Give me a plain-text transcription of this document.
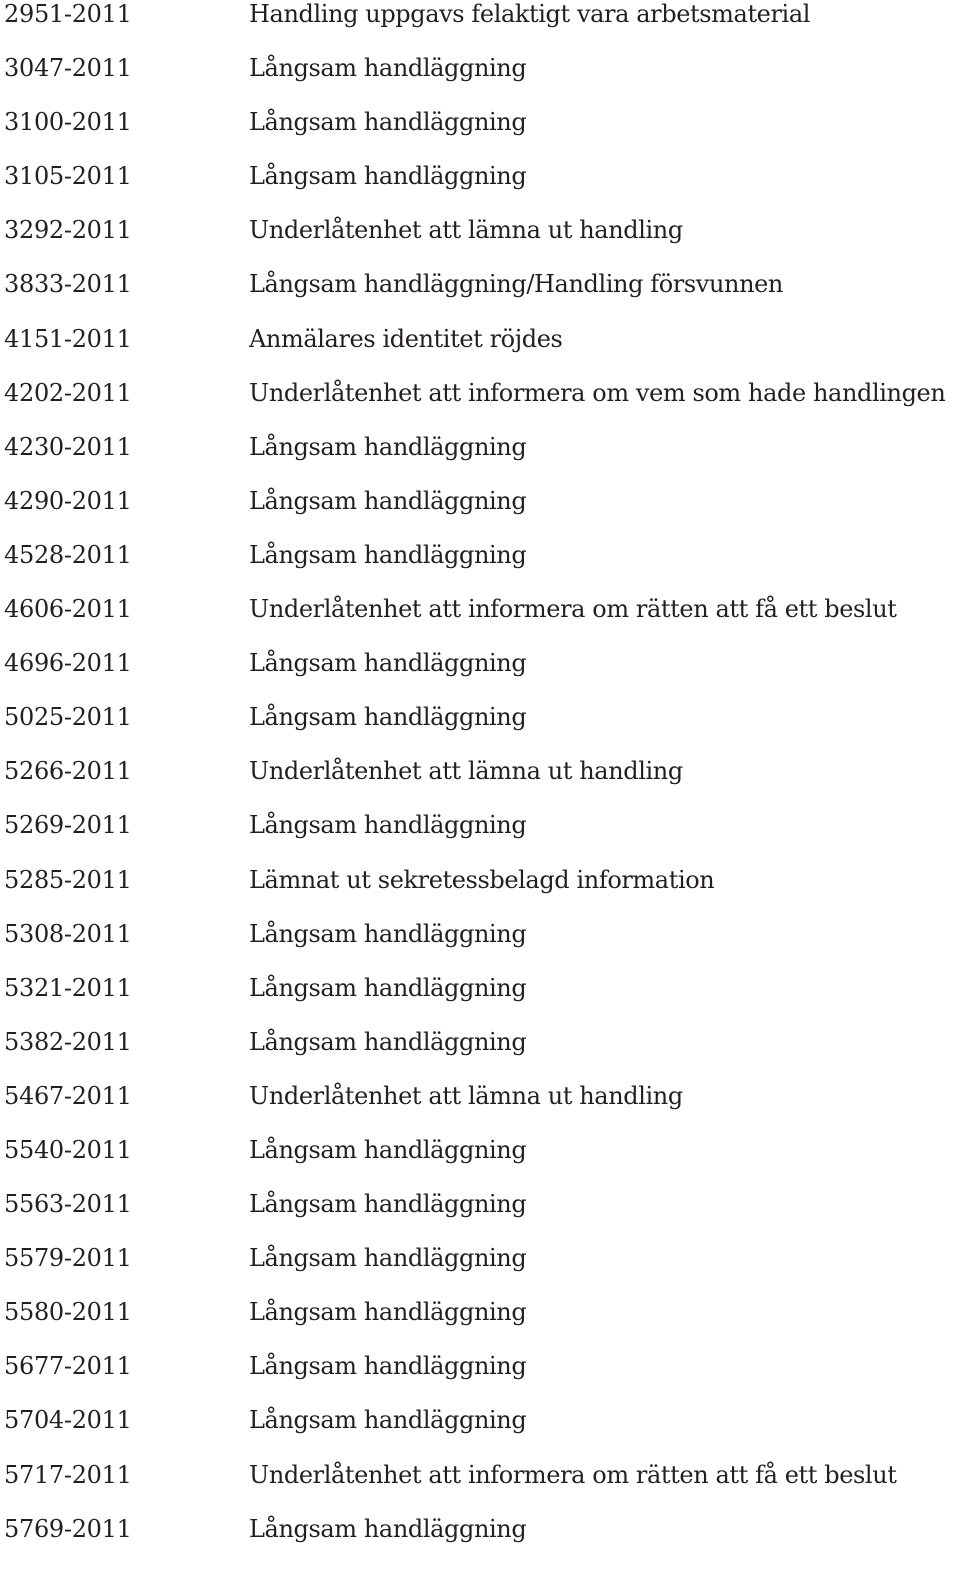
2951-2011	Handling uppgavs felaktigt vara arbetsmaterial
3047-2011	Långsam handläggning
3100-2011	Långsam handläggning
3105-2011	Långsam handläggning
3292-2011	Underlåtenhet att lämna ut handling
3833-2011	Långsam handläggning/Handling försvunnen
4151-2011	Anmälares identitet röjdes
4202-2011	Underlåtenhet att informera om vem som hade handlingen
4230-2011	Långsam handläggning
4290-2011	Långsam handläggning
4528-2011	Långsam handläggning
4606-2011	Underlåtenhet att informera om rätten att få ett beslut
4696-2011	Långsam handläggning
5025-2011	Långsam handläggning
5266-2011	Underlåtenhet att lämna ut handling
5269-2011	Långsam handläggning
5285-2011	Lämnat ut sekretessbelagd information
5308-2011	Långsam handläggning
5321-2011	Långsam handläggning
5382-2011	Långsam handläggning
5467-2011	Underlåtenhet att lämna ut handling
5540-2011	Långsam handläggning
5563-2011	Långsam handläggning
5579-2011	Långsam handläggning
5580-2011	Långsam handläggning
5677-2011	Långsam handläggning
5704-2011	Långsam handläggning
5717-2011	Underlåtenhet att informera om rätten att få ett beslut
5769-2011	Långsam handläggning
